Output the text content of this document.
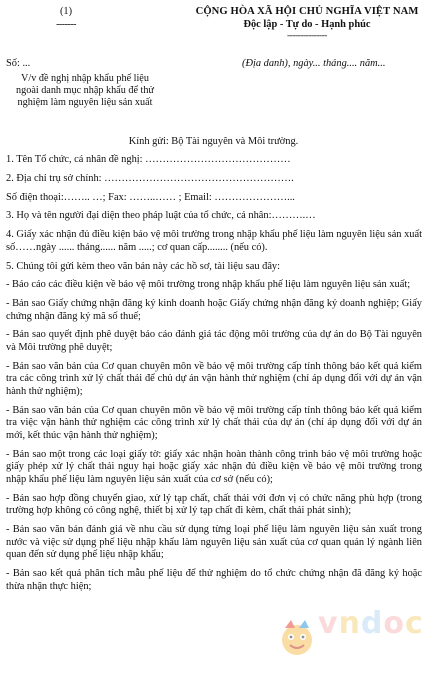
(1)
-------
CỘNG HÒA XÃ HỘI CHỦ NGHĨA VIỆT NAM
Độc lập - Tự do - Hạnh phúc
---------------
Số: ...	(Địa danh), ngày... tháng.... năm...
V/v đề nghị nhập khẩu phế liệu ngoài danh mục nhập khẩu để thử nghiệm làm nguyên liệu sản xuất
Kính gửi: Bộ Tài nguyên và Môi trường.

1. Tên Tổ chức, cá nhân đề nghị: ……………………………………

2. Địa chỉ trụ sở chính: ……………………………………………….

Số điện thoại:…….. …; Fax: ……..…… ; Email: …………………...

3. Họ và tên người đại diện theo pháp luật của tổ chức, cá nhân:……….…

4. Giấy xác nhận đủ điều kiện bảo vệ môi trường trong nhập khẩu phế liệu làm nguyên liệu sản xuất số……ngày ...... tháng...... năm .....; cơ quan cấp........ (nếu có).

5. Chúng tôi gửi kèm theo văn bản này các hồ sơ, tài liệu sau đây:

- Báo cáo các điều kiện về bảo vệ môi trường trong nhập khẩu phế liệu làm nguyên liệu sản xuất;

- Bản sao Giấy chứng nhận đăng ký kinh doanh hoặc Giấy chứng nhận đăng ký doanh nghiệp; Giấy chứng nhận đăng ký mã số thuế;

- Bản sao quyết định phê duyệt báo cáo đánh giá tác động môi trường của dự án do Bộ Tài nguyên và Môi trường phê duyệt;

- Bản sao văn bản của Cơ quan chuyên môn về bảo vệ môi trường cấp tỉnh thông báo kết quả kiểm tra các công trình xử lý chất thải để chủ dự án vận hành thử nghiệm (chỉ áp dụng đối với dự án vận hành thử nghiệm);

- Bản sao văn bản của Cơ quan chuyên môn về bảo vệ môi trường cấp tỉnh thông báo kết quả kiểm tra việc vận hành thử nghiệm các công trình xử lý chất thải của dự án (chỉ áp dụng đối với dự án mới, kết thúc vận hành thử nghiệm);

- Bản sao một trong các loại giấy tờ: giấy xác nhận hoàn thành công trình bảo vệ môi trường hoặc giấy phép xử lý chất thải nguy hại hoặc giấy xác nhận đủ điều kiện về bảo vệ môi trường trong nhập khẩu phế liệu làm nguyên liệu sản xuất của cơ sở (nếu có);

- Bản sao hợp đồng chuyển giao, xử lý tạp chất, chất thải với đơn vị có chức năng phù hợp (trong trường hợp không có công nghệ, thiết bị xử lý tạp chất đi kèm, chất thải phát sinh);

- Bản sao văn bản đánh giá về nhu cầu sử dụng từng loại phế liệu làm nguyên liệu sản xuất trong nước và việc sử dụng phế liệu nhập khẩu làm nguyên liệu sản xuất của cơ quan quản lý ngành liên quan đến sử dụng phế liệu nhập khẩu;

- Bản sao kết quả phân tích mẫu phế liệu để thử nghiệm do tổ chức chứng nhận đã đăng ký hoặc thừa nhận thực hiện;

vndoc
